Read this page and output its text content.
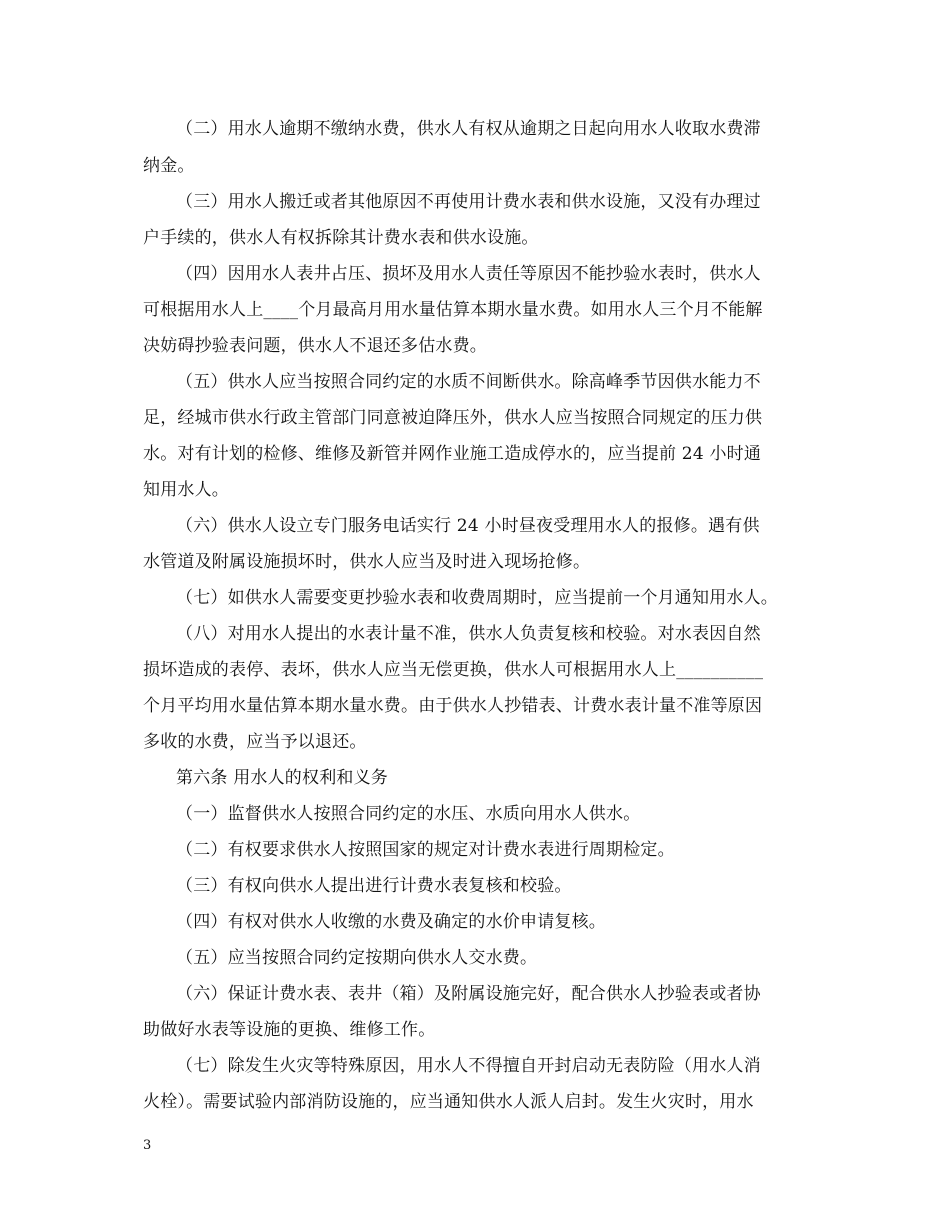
（二）用水人逾期不缴纳水费，供水人有权从逾期之日起向用水人收取水费滞
纳金。
（三）用水人搬迁或者其他原因不再使用计费水表和供水设施，又没有办理过
户手续的，供水人有权拆除其计费水表和供水设施。
（四）因用水人表井占压、损坏及用水人责任等原因不能抄验水表时，供水人
可根据用水人上____个月最高月用水量估算本期水量水费。如用水人三个月不能解
决妨碍抄验表问题，供水人不退还多估水费。
（五）供水人应当按照合同约定的水质不间断供水。除高峰季节因供水能力不
足，经城市供水行政主管部门同意被迫降压外，供水人应当按照合同规定的压力供
水。对有计划的检修、维修及新管并网作业施工造成停水的，应当提前 24 小时通
知用水人。
（六）供水人设立专门服务电话实行 24 小时昼夜受理用水人的报修。遇有供
水管道及附属设施损坏时，供水人应当及时进入现场抢修。
（七）如供水人需要变更抄验水表和收费周期时，应当提前一个月通知用水人。
（八）对用水人提出的水表计量不准，供水人负责复核和校验。对水表因自然
损坏造成的表停、表坏，供水人应当无偿更换，供水人可根据用水人上__________
个月平均用水量估算本期水量水费。由于供水人抄错表、计费水表计量不准等原因
多收的水费，应当予以退还。
第六条 用水人的权利和义务
（一）监督供水人按照合同约定的水压、水质向用水人供水。
（二）有权要求供水人按照国家的规定对计费水表进行周期检定。
（三）有权向供水人提出进行计费水表复核和校验。
（四）有权对供水人收缴的水费及确定的水价申请复核。
（五）应当按照合同约定按期向供水人交水费。
（六）保证计费水表、表井（箱）及附属设施完好，配合供水人抄验表或者协
助做好水表等设施的更换、维修工作。
（七）除发生火灾等特殊原因，用水人不得擅自开封启动无表防险（用水人消
火栓）。需要试验内部消防设施的，应当通知供水人派人启封。发生火灾时，用水
3
